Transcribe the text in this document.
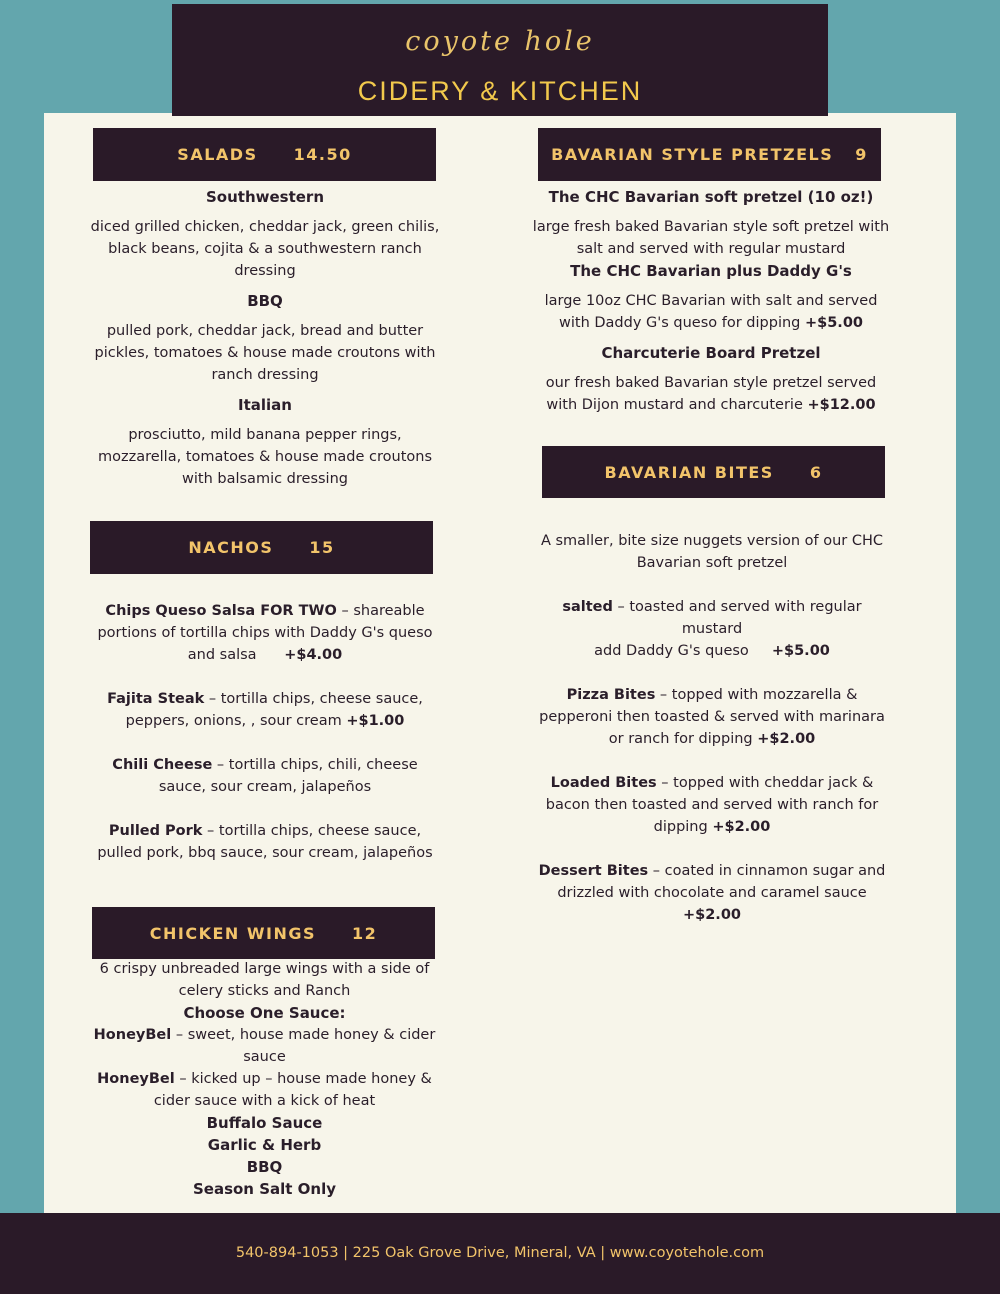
coyote hole
CIDERY & KITCHEN
SALADS 14.50

Southwestern

diced grilled chicken, cheddar jack, green chilis, black beans, cojita & a southwestern ranch dressing

BBQ

pulled pork, cheddar jack, bread and butter pickles, tomatoes & house made croutons with ranch dressing

Italian

prosciutto, mild banana pepper rings, mozzarella, tomatoes & house made croutons with balsamic dressing

NACHOS 15

Chips Queso Salsa FOR TWO – shareable portions of tortilla chips with Daddy G's queso and salsa +$4.00

Fajita Steak – tortilla chips, cheese sauce, peppers, onions, , sour cream +$1.00

Chili Cheese – tortilla chips, chili, cheese sauce, sour cream, jalapeños

Pulled Pork – tortilla chips, cheese sauce, pulled pork, bbq sauce, sour cream, jalapeños

CHICKEN WINGS 12

6 crispy unbreaded large wings with a side of celery sticks and Ranch

Choose One Sauce:

HoneyBel – sweet, house made honey & cider sauce

HoneyBel – kicked up – house made honey & cider sauce with a kick of heat

Buffalo Sauce

Garlic & Herb

BBQ

Season Salt Only

BAVARIAN STYLE PRETZELS 9

The CHC Bavarian soft pretzel (10 oz!)

large fresh baked Bavarian style soft pretzel with salt and served with regular mustard

The CHC Bavarian plus Daddy G's

large 10oz CHC Bavarian with salt and served with Daddy G's queso for dipping +$5.00

Charcuterie Board Pretzel

our fresh baked Bavarian style pretzel served with Dijon mustard and charcuterie +$12.00

BAVARIAN BITES 6

A smaller, bite size nuggets version of our CHC Bavarian soft pretzel

salted – toasted and served with regular mustard

add Daddy G's queso +$5.00

Pizza Bites – topped with mozzarella & pepperoni then toasted & served with marinara or ranch for dipping +$2.00

Loaded Bites – topped with cheddar jack & bacon then toasted and served with ranch for dipping +$2.00

Dessert Bites – coated in cinnamon sugar and drizzled with chocolate and caramel sauce +$2.00

540-894-1053 | 225 Oak Grove Drive, Mineral, VA | www.coyotehole.com
